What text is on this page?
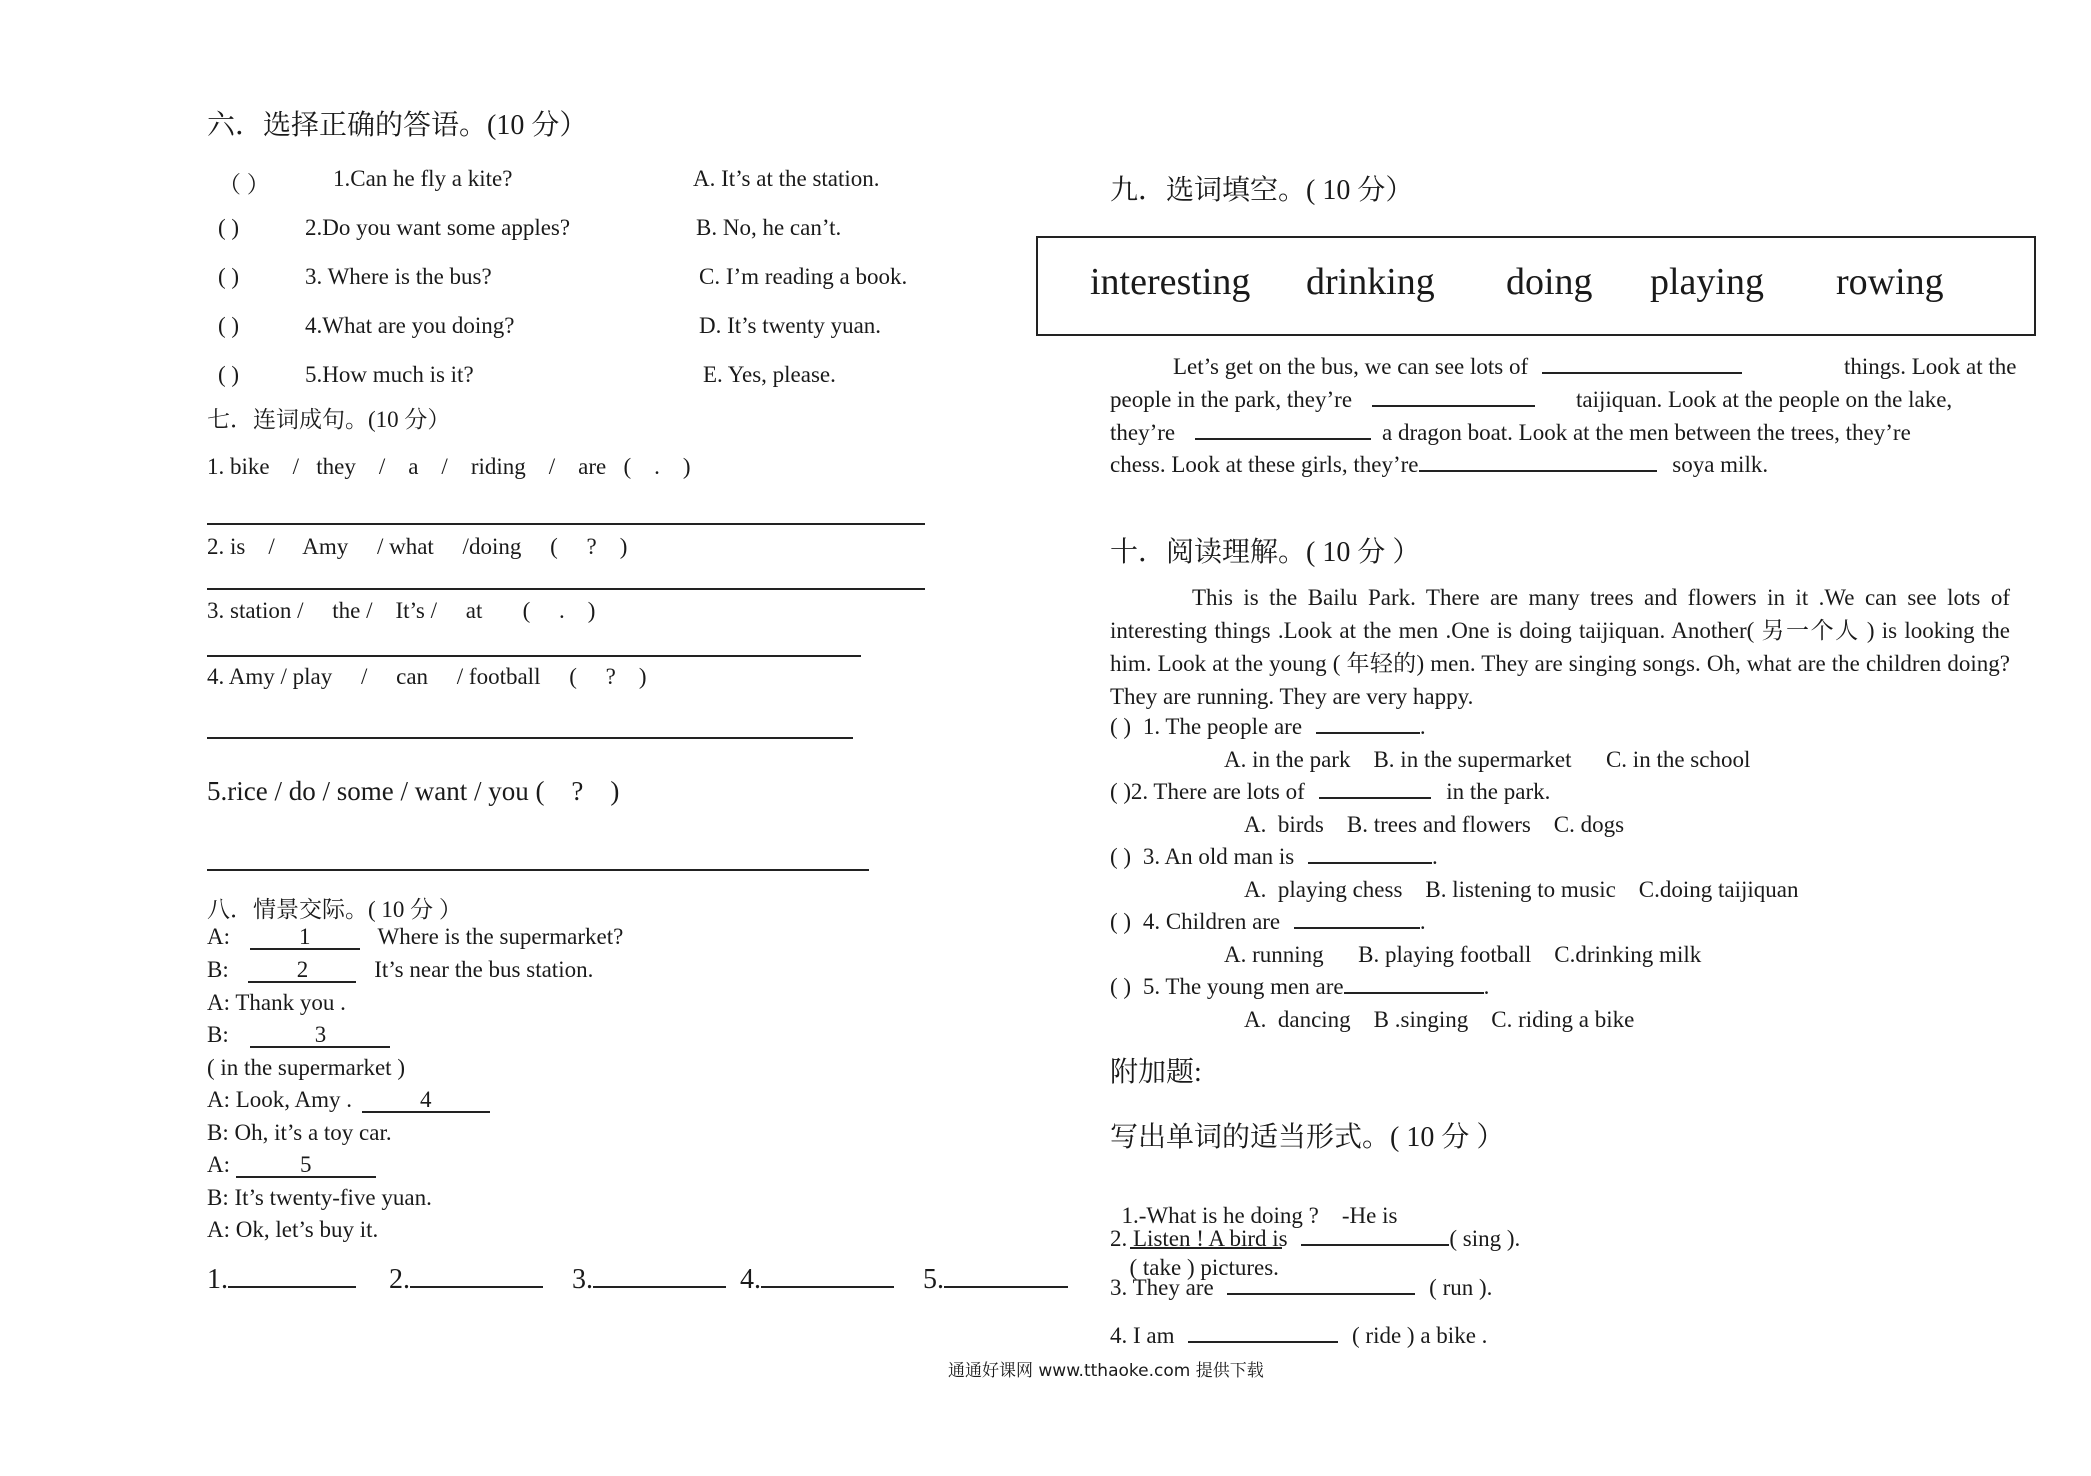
六．选择正确的答语。(10 分）
（ ）	1.Can he fly a kite?	A. It’s at the station.
( )	2.Do you want some apples?	B. No, he can’t.
( )	3. Where is the bus?	C. I’m reading a book.
( )	4.What are you doing?	D. It’s twenty yuan.
( )	5.How much is it?	E. Yes, please.
七．连词成句。(10 分）
1. bike    /   they    /    a    /    riding    /    are   (    .    )
2. is    /     Amy     / what     /doing     (     ?    )
3. station /     the /    It’s /     at       (     .    )
4. Amy / play     /     can     / football     (     ?    )
5.rice / do / some / want / you (    ?    )
八．情景交际。( 10 分 ）
A:	1	Where is the supermarket?
B:	2	It’s near the bus station.
A: Thank you .
B:	3
( in the supermarket )
A: Look, Amy .	4
B: Oh, it’s a toy car.
A:	5
B: It’s twenty-five yuan.
A: Ok, let’s buy it.
1.	2.	3.	4.	5.
九．选词填空。( 10 分）
interesting drinking doing playing rowing
Let’s get on the bus, we can see lots of	things. Look at the
people in the park, they’re	taijiquan. Look at the people on the lake,
they’re	a dragon boat. Look at the men between the trees, they’re
chess. Look at these girls, they’re	soya milk.
十．阅读理解。( 10 分 ）
This is the Bailu Park. There are many trees and flowers in it .We can see lots of interesting things .Look at the men .One is doing taijiquan. Another( 另一个人 ) is looking the him. Look at the young ( 年轻的) men. They are singing songs. Oh, what are the children doing? They are running. They are very happy.
( ) 1. The people are	.
A. in the park    B. in the supermarket      C. in the school
( ) 2. There are lots of	in the park.
A.  birds    B. trees and flowers    C. dogs
( ) 3. An old man is	.
A.  playing chess    B. listening to music    C.doing taijiquan
( ) 4. Children are	.
A. running      B. playing football    C.drinking milk
( ) 5. The young men are	.
A.  dancing    B .singing    C. riding a bike
附加题:
写出单词的适当形式。( 10 分 ）

1.-What is he doing ?    -He is

( take ) pictures.

2. Listen ! A bird is	( sing ).
3. They are	( run ).
4. I am	( ride ) a bike .
通通好课网 www.tthaoke.com 提供下载
